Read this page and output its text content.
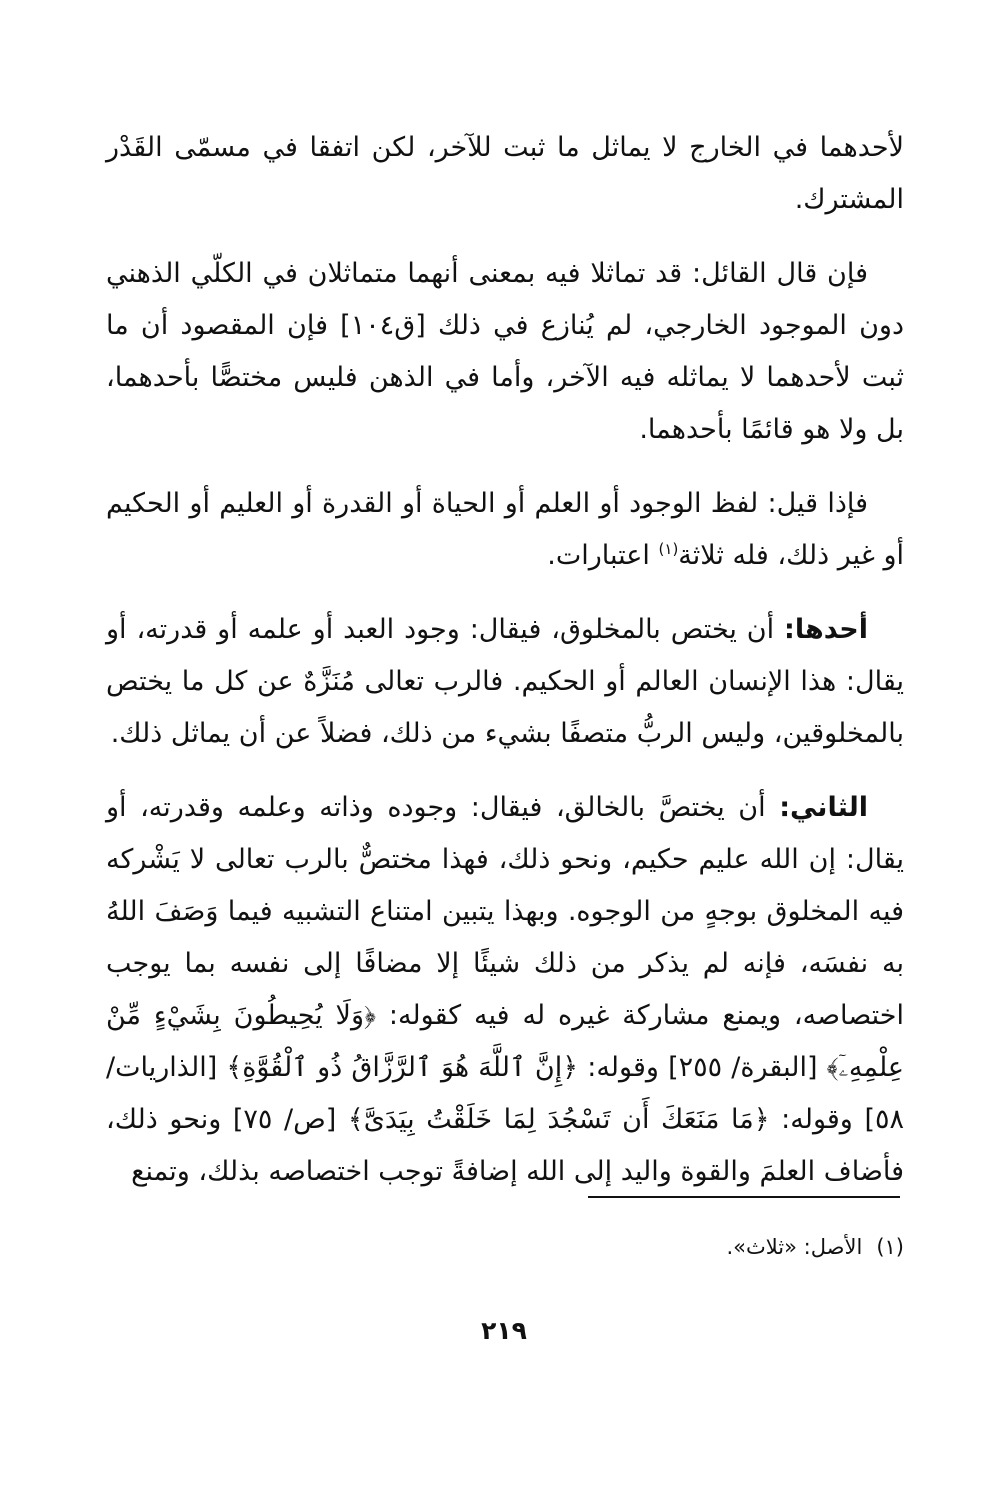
لأحدهما في الخارج لا يماثل ما ثبت للآخر، لكن اتفقا في مسمّى القَدْر المشترك.

فإن قال القائل: قد تماثلا فيه بمعنى أنهما متماثلان في الكلّي الذهني دون الموجود الخارجي، لم يُنازع في ذلك [ق١٠٤] فإن المقصود أن ما ثبت لأحدهما لا يماثله فيه الآخر، وأما في الذهن فليس مختصًّا بأحدهما، بل ولا هو قائمًا بأحدهما.

فإذا قيل: لفظ الوجود أو العلم أو الحياة أو القدرة أو العليم أو الحكيم أو غير ذلك، فله ثلاثة$^{(١)}$ اعتبارات.

أحدها: أن يختص بالمخلوق، فيقال: وجود العبد أو علمه أو قدرته، أو يقال: هذا الإنسان العالم أو الحكيم. فالرب تعالى مُنَزَّهٌ عن كل ما يختص بالمخلوقين، وليس الربُّ متصفًا بشيء من ذلك، فضلاً عن أن يماثل ذلك.

الثاني: أن يختصَّ بالخالق، فيقال: وجوده وذاته وعلمه وقدرته، أو يقال: إن الله عليم حكيم، ونحو ذلك، فهذا مختصٌّ بالرب تعالى لا يَشْركه فيه المخلوق بوجهٍ من الوجوه. وبهذا يتبين امتناع التشبيه فيما وَصَفَ اللهُ به نفسَه، فإنه لم يذكر من ذلك شيئًا إلا مضافًا إلى نفسه بما يوجب اختصاصه، ويمنع مشاركة غيره له فيه كقوله: ﴿وَلَا يُحِيطُونَ بِشَيْءٍ مِّنْ عِلْمِهِۦٓ﴾ [البقرة/ ٢٥٥] وقوله: ﴿إِنَّ ٱللَّهَ هُوَ ٱلرَّزَّاقُ ذُو ٱلْقُوَّةِ﴾ [الذاريات/ ٥٨] وقوله: ﴿مَا مَنَعَكَ أَن تَسْجُدَ لِمَا خَلَقْتُ بِيَدَىَّ﴾ [ص/ ٧٥] ونحو ذلك، فأضاف العلمَ والقوة واليد إلى الله إضافةً توجب اختصاصه بذلك، وتمنع

(١)الأصل: «ثلاث».
٢١٩
